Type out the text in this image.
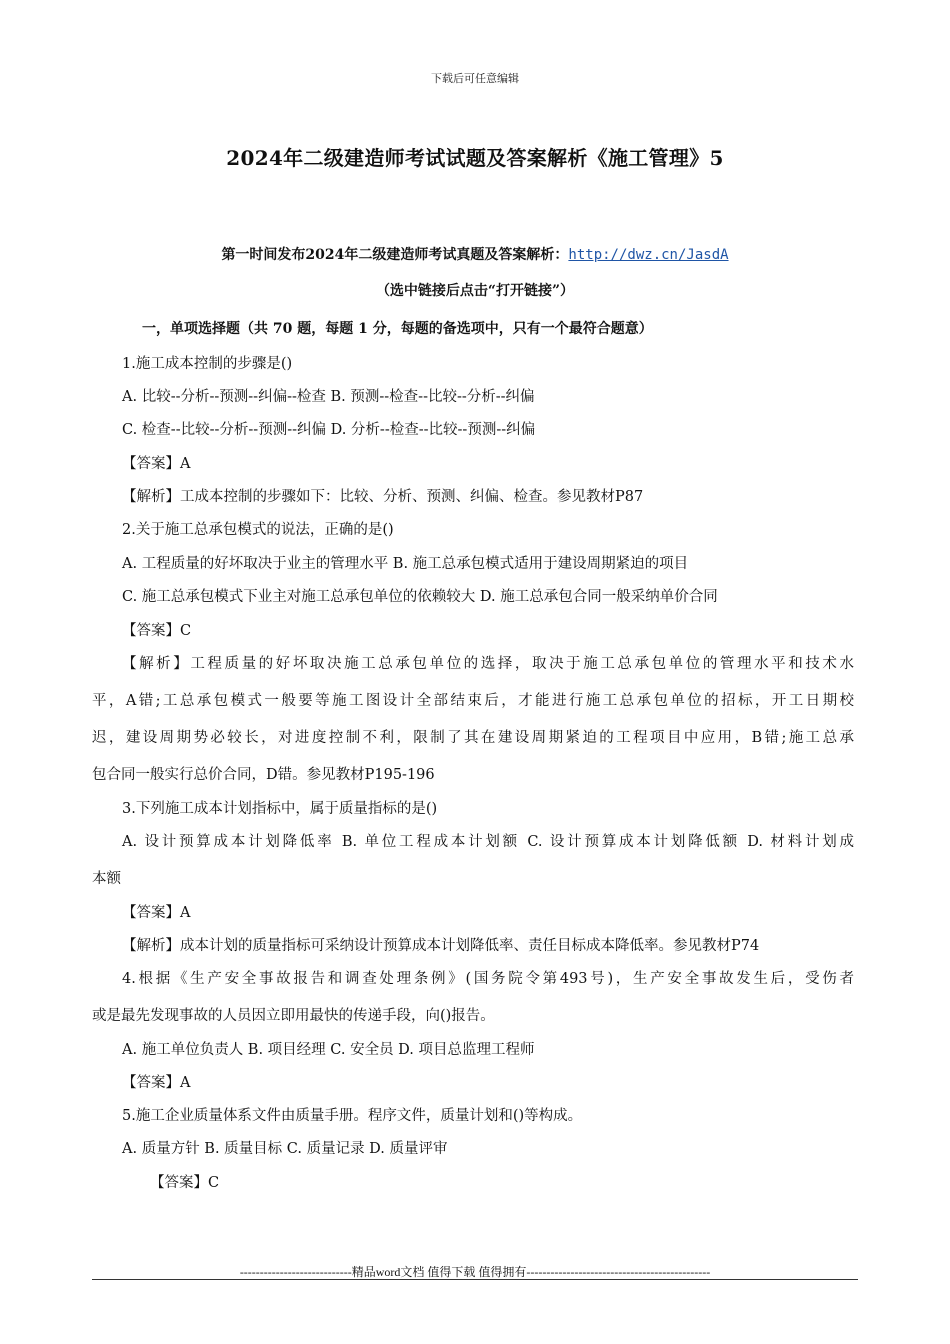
下载后可任意编辑
2024年二级建造师考试试题及答案解析《施工管理》5
第一时间发布2024年二级建造师考试真题及答案解析：http://dwz.cn/JasdA
（选中链接后点击“打开链接”）
一，单项选择题（共 70 题，每题 1 分，每题的备选项中，只有一个最符合题意）
1.施工成本控制的步骤是()
A. 比较--分析--预测--纠偏--检查 B. 预测--检查--比较--分析--纠偏
C. 检查--比较--分析--预测--纠偏 D. 分析--检查--比较--预测--纠偏
【答案】A
【解析】工成本控制的步骤如下：比较、分析、预测、纠偏、检查。参见教材P87
2.关于施工总承包模式的说法，正确的是()
A. 工程质量的好坏取决于业主的管理水平 B. 施工总承包模式适用于建设周期紧迫的项目
C. 施工总承包模式下业主对施工总承包单位的依赖较大 D. 施工总承包合同一般采纳单价合同
【答案】C
【解析】工程质量的好坏取决施工总承包单位的选择，取决于施工总承包单位的管理水平和技术水
平，A错;工总承包模式一般要等施工图设计全部结束后，才能进行施工总承包单位的招标，开工日期校
迟，建设周期势必较长，对进度控制不利，限制了其在建设周期紧迫的工程项目中应用，B错;施工总承
包合同一般实行总价合同，D错。参见教材P195-196
3.下列施工成本计划指标中，属于质量指标的是()
A. 设计预算成本计划降低率 B. 单位工程成本计划额 C. 设计预算成本计划降低额 D. 材料计划成
本额
【答案】A
【解析】成本计划的质量指标可采纳设计预算成本计划降低率、责任目标成本降低率。参见教材P74
4.根据《生产安全事故报告和调查处理条例》(国务院令第493号)，生产安全事故发生后，受伤者
或是最先发现事故的人员因立即用最快的传递手段，向()报告。
A. 施工单位负责人 B. 项目经理 C. 安全员 D. 项目总监理工程师
【答案】A
5.施工企业质量体系文件由质量手册。程序文件，质量计划和()等构成。
A. 质量方针 B. 质量目标 C. 质量记录 D. 质量评审
【答案】C
----------------------------精品word文档 值得下载 值得拥有----------------------------------------------
